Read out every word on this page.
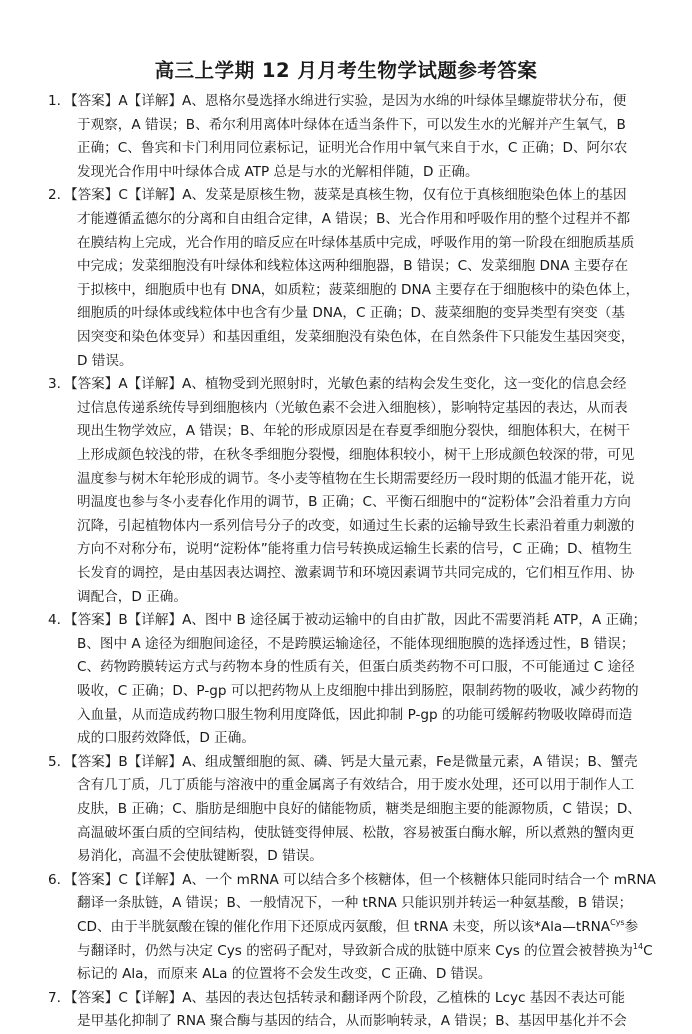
高三上学期 12 月月考生物学试题参考答案
1. 【答案】A【详解】A、恩格尔曼选择水绵进行实验，是因为水绵的叶绿体呈螺旋带状分布，便
于观察，A 错误；B、希尔利用离体叶绿体在适当条件下，可以发生水的光解并产生氧气，B
正确；C、鲁宾和卡门利用同位素标记，证明光合作用中氧气来自于水，C 正确；D、阿尔农
发现光合作用中叶绿体合成 ATP 总是与水的光解相伴随，D 正确。
2. 【答案】C【详解】A、发菜是原核生物，菠菜是真核生物，仅有位于真核细胞染色体上的基因
才能遵循孟德尔的分离和自由组合定律，A 错误；B、光合作用和呼吸作用的整个过程并不都
在膜结构上完成，光合作用的暗反应在叶绿体基质中完成，呼吸作用的第一阶段在细胞质基质
中完成；发菜细胞没有叶绿体和线粒体这两种细胞器，B 错误；C、发菜细胞 DNA 主要存在
于拟核中，细胞质中也有 DNA，如质粒；菠菜细胞的 DNA 主要存在于细胞核中的染色体上，
细胞质的叶绿体或线粒体中也含有少量 DNA，C 正确；D、菠菜细胞的变异类型有突变（基
因突变和染色体变异）和基因重组，发菜细胞没有染色体，在自然条件下只能发生基因突变，
D 错误。
3. 【答案】A【详解】A、植物受到光照射时，光敏色素的结构会发生变化，这一变化的信息会经
过信息传递系统传导到细胞核内（光敏色素不会进入细胞核），影响特定基因的表达，从而表
现出生物学效应，A 错误；B、年轮的形成原因是在春夏季细胞分裂快，细胞体积大，在树干
上形成颜色较浅的带，在秋冬季细胞分裂慢，细胞体积较小，树干上形成颜色较深的带，可见
温度参与树木年轮形成的调节。冬小麦等植物在生长期需要经历一段时期的低温才能开花，说
明温度也参与冬小麦春化作用的调节，B 正确；C、平衡石细胞中的“淀粉体”会沿着重力方向
沉降，引起植物体内一系列信号分子的改变，如通过生长素的运输导致生长素沿着重力刺激的
方向不对称分布，说明“淀粉体”能将重力信号转换成运输生长素的信号，C 正确；D、植物生
长发育的调控，是由基因表达调控、激素调节和环境因素调节共同完成的，它们相互作用、协
调配合，D 正确。
4. 【答案】B【详解】A、图中 B 途径属于被动运输中的自由扩散，因此不需要消耗 ATP，A 正确；
B、图中 A 途径为细胞间途径，不是跨膜运输途径，不能体现细胞膜的选择透过性，B 错误；
C、药物跨膜转运方式与药物本身的性质有关，但蛋白质类药物不可口服，不可能通过 C 途径
吸收，C 正确；D、P-gp 可以把药物从上皮细胞中排出到肠腔，限制药物的吸收，减少药物的
入血量，从而造成药物口服生物利用度降低，因此抑制 P-gp 的功能可缓解药物吸收障碍而造
成的口服药效降低，D 正确。
5. 【答案】B【详解】A、组成蟹细胞的氮、磷、钙是大量元素，Fe是微量元素，A 错误；B、蟹壳
含有几丁质，几丁质能与溶液中的重金属离子有效结合，用于废水处理，还可以用于制作人工
皮肤，B 正确；C、脂肪是细胞中良好的储能物质，糖类是细胞主要的能源物质，C 错误；D、
高温破坏蛋白质的空间结构，使肽链变得伸展、松散，容易被蛋白酶水解，所以煮熟的蟹肉更
易消化，高温不会使肽键断裂，D 错误。
6. 【答案】C【详解】A、一个 mRNA 可以结合多个核糖体，但一个核糖体只能同时结合一个 mRNA
翻译一条肽链，A 错误；B、一般情况下，一种 tRNA 只能识别并转运一种氨基酸，B 错误；
CD、由于半胱氨酸在镍的催化作用下还原成丙氨酸，但 tRNA 未变，所以该*Ala—tRNA$^{Cys}$参
与翻译时，仍然与决定 Cys 的密码子配对，导致新合成的肽链中原来 Cys 的位置会被替换为$^{14}$C
标记的 Ala，而原来 ALa 的位置将不会发生改变，C 正确、D 错误。
7. 【答案】C【详解】A、基因的表达包括转录和翻译两个阶段，乙植株的 Lcyc 基因不表达可能
是甲基化抑制了 RNA 聚合酶与基因的结合，从而影响转录，A 错误；B、基因甲基化并不会
